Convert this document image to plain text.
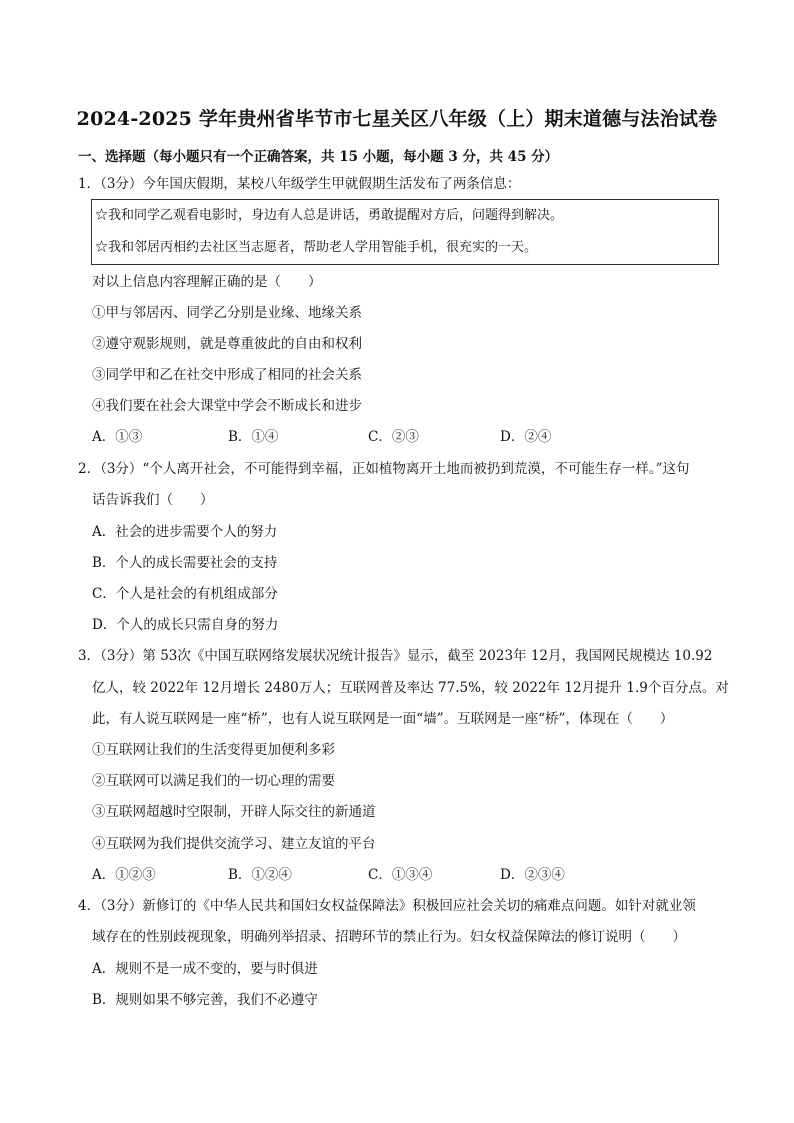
2024-2025 学年贵州省毕节市七星关区八年级（上）期末道德与法治试卷
一、选择题（每小题只有一个正确答案，共 15 小题，每小题 3 分，共 45 分）
1．（3分）今年国庆假期，某校八年级学生甲就假期生活发布了两条信息：
☆我和同学乙观看电影时，身边有人总是讲话，勇敢提醒对方后，问题得到解决。
☆我和邻居丙相约去社区当志愿者，帮助老人学用智能手机，很充实的一天。
对以上信息内容理解正确的是（　　）
①甲与邻居丙、同学乙分别是业缘、地缘关系
②遵守观影规则，就是尊重彼此的自由和权利
③同学甲和乙在社交中形成了相同的社会关系
④我们要在社会大课堂中学会不断成长和进步
A．①③	B．①④	C．②③	D．②④
2．（3分）“个人离开社会，不可能得到幸福，正如植物离开土地而被扔到荒漠，不可能生存一样。”这句
话告诉我们（　　）
A．社会的进步需要个人的努力
B．个人的成长需要社会的支持
C．个人是社会的有机组成部分
D．个人的成长只需自身的努力
3．（3分）第 53次《中国互联网络发展状况统计报告》显示，截至 2023年 12月，我国网民规模达 10.92
亿人，较 2022年 12月增长 2480万人；互联网普及率达 77.5%，较 2022年 12月提升 1.9个百分点。对
此，有人说互联网是一座“桥”，也有人说互联网是一面“墙”。互联网是一座“桥”，体现在（　　）
①互联网让我们的生活变得更加便利多彩
②互联网可以满足我们的一切心理的需要
③互联网超越时空限制，开辟人际交往的新通道
④互联网为我们提供交流学习、建立友谊的平台
A．①②③	B．①②④	C．①③④	D．②③④
4．（3分）新修订的《中华人民共和国妇女权益保障法》积极回应社会关切的痛难点问题。如针对就业领
域存在的性别歧视现象，明确列举招录、招聘环节的禁止行为。妇女权益保障法的修订说明（　　）
A．规则不是一成不变的，要与时俱进
B．规则如果不够完善，我们不必遵守
